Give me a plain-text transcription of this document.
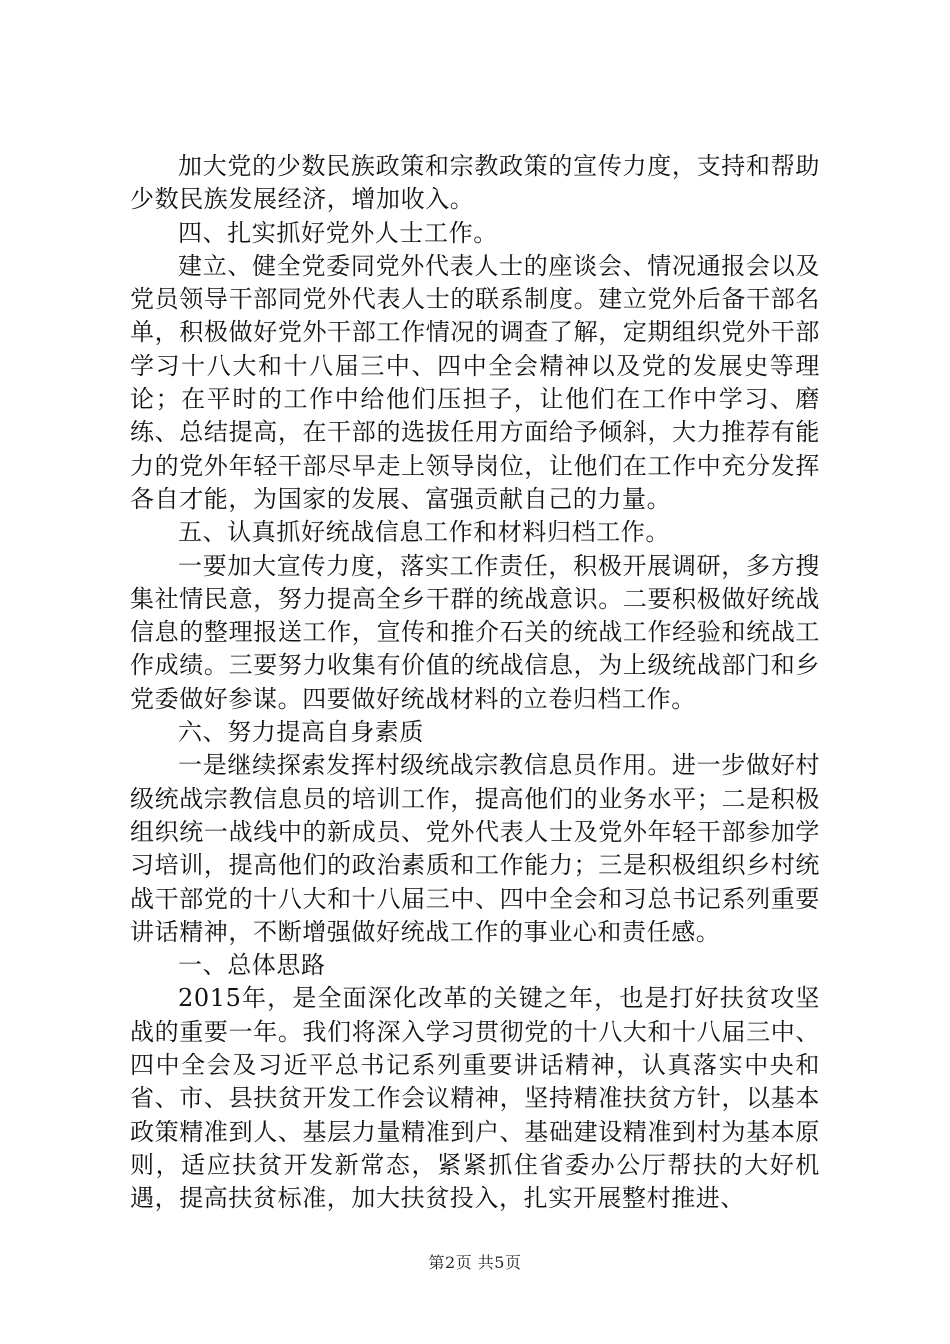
加大党的少数民族政策和宗教政策的宣传力度，支持和帮助少数民族发展经济，增加收入。

四、扎实抓好党外人士工作。

建立、健全党委同党外代表人士的座谈会、情况通报会以及党员领导干部同党外代表人士的联系制度。建立党外后备干部名单，积极做好党外干部工作情况的调查了解，定期组织党外干部学习十八大和十八届三中、四中全会精神以及党的发展史等理论；在平时的工作中给他们压担子，让他们在工作中学习、磨练、总结提高，在干部的选拔任用方面给予倾斜，大力推荐有能力的党外年轻干部尽早走上领导岗位，让他们在工作中充分发挥各自才能，为国家的发展、富强贡献自己的力量。

五、认真抓好统战信息工作和材料归档工作。

一要加大宣传力度，落实工作责任，积极开展调研，多方搜集社情民意，努力提高全乡干群的统战意识。二要积极做好统战信息的整理报送工作，宣传和推介石关的统战工作经验和统战工作成绩。三要努力收集有价值的统战信息，为上级统战部门和乡党委做好参谋。四要做好统战材料的立卷归档工作。

六、努力提高自身素质

一是继续探索发挥村级统战宗教信息员作用。进一步做好村级统战宗教信息员的培训工作，提高他们的业务水平；二是积极组织统一战线中的新成员、党外代表人士及党外年轻干部参加学习培训，提高他们的政治素质和工作能力；三是积极组织乡村统战干部党的十八大和十八届三中、四中全会和习总书记系列重要讲话精神，不断增强做好统战工作的事业心和责任感。

一、总体思路

2015年，是全面深化改革的关键之年，也是打好扶贫攻坚战的重要一年。我们将深入学习贯彻党的十八大和十八届三中、四中全会及习近平总书记系列重要讲话精神，认真落实中央和省、市、县扶贫开发工作会议精神，坚持精准扶贫方针，以基本政策精准到人、基层力量精准到户、基础建设精准到村为基本原则，适应扶贫开发新常态，紧紧抓住省委办公厅帮扶的大好机遇，提高扶贫标准，加大扶贫投入，扎实开展整村推进、

第2页 共5页
